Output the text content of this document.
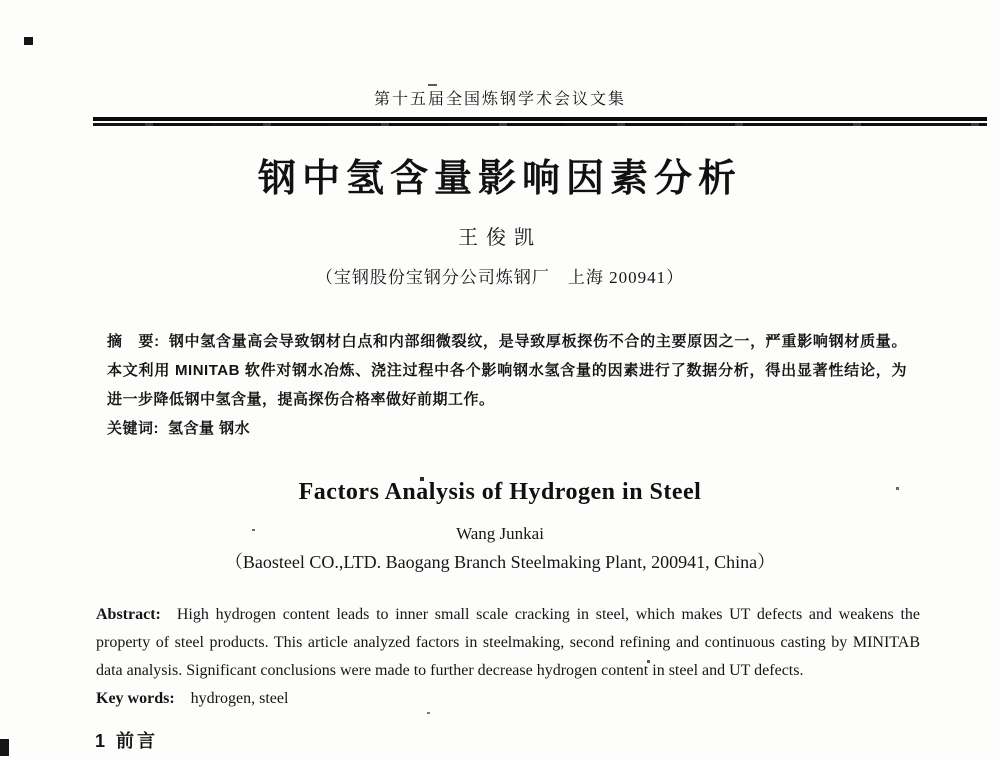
第十五届全国炼钢学术会议文集
钢中氢含量影响因素分析
王俊凯
（宝钢股份宝钢分公司炼钢厂　上海 200941）

摘　要: 钢中氢含量高会导致钢材白点和内部细微裂纹，是导致厚板探伤不合的主要原因之一，严重影响钢材质量。本文利用 MINITAB 软件对钢水冶炼、浇注过程中各个影响钢水氢含量的因素进行了数据分析，得出显著性结论，为进一步降低钢中氢含量，提高探伤合格率做好前期工作。

关键词: 氢含量 钢水

Factors Analysis of Hydrogen in Steel
Wang Junkai
（Baosteel CO.,LTD. Baogang Branch Steelmaking Plant, 200941, China）

Abstract: High hydrogen content leads to inner small scale cracking in steel, which makes UT defects and weakens the property of steel products. This article analyzed factors in steelmaking, second refining and continuous casting by MINITAB data analysis. Significant conclusions were made to further decrease hydrogen content in steel and UT defects.

Key words: hydrogen, steel

1 前言
